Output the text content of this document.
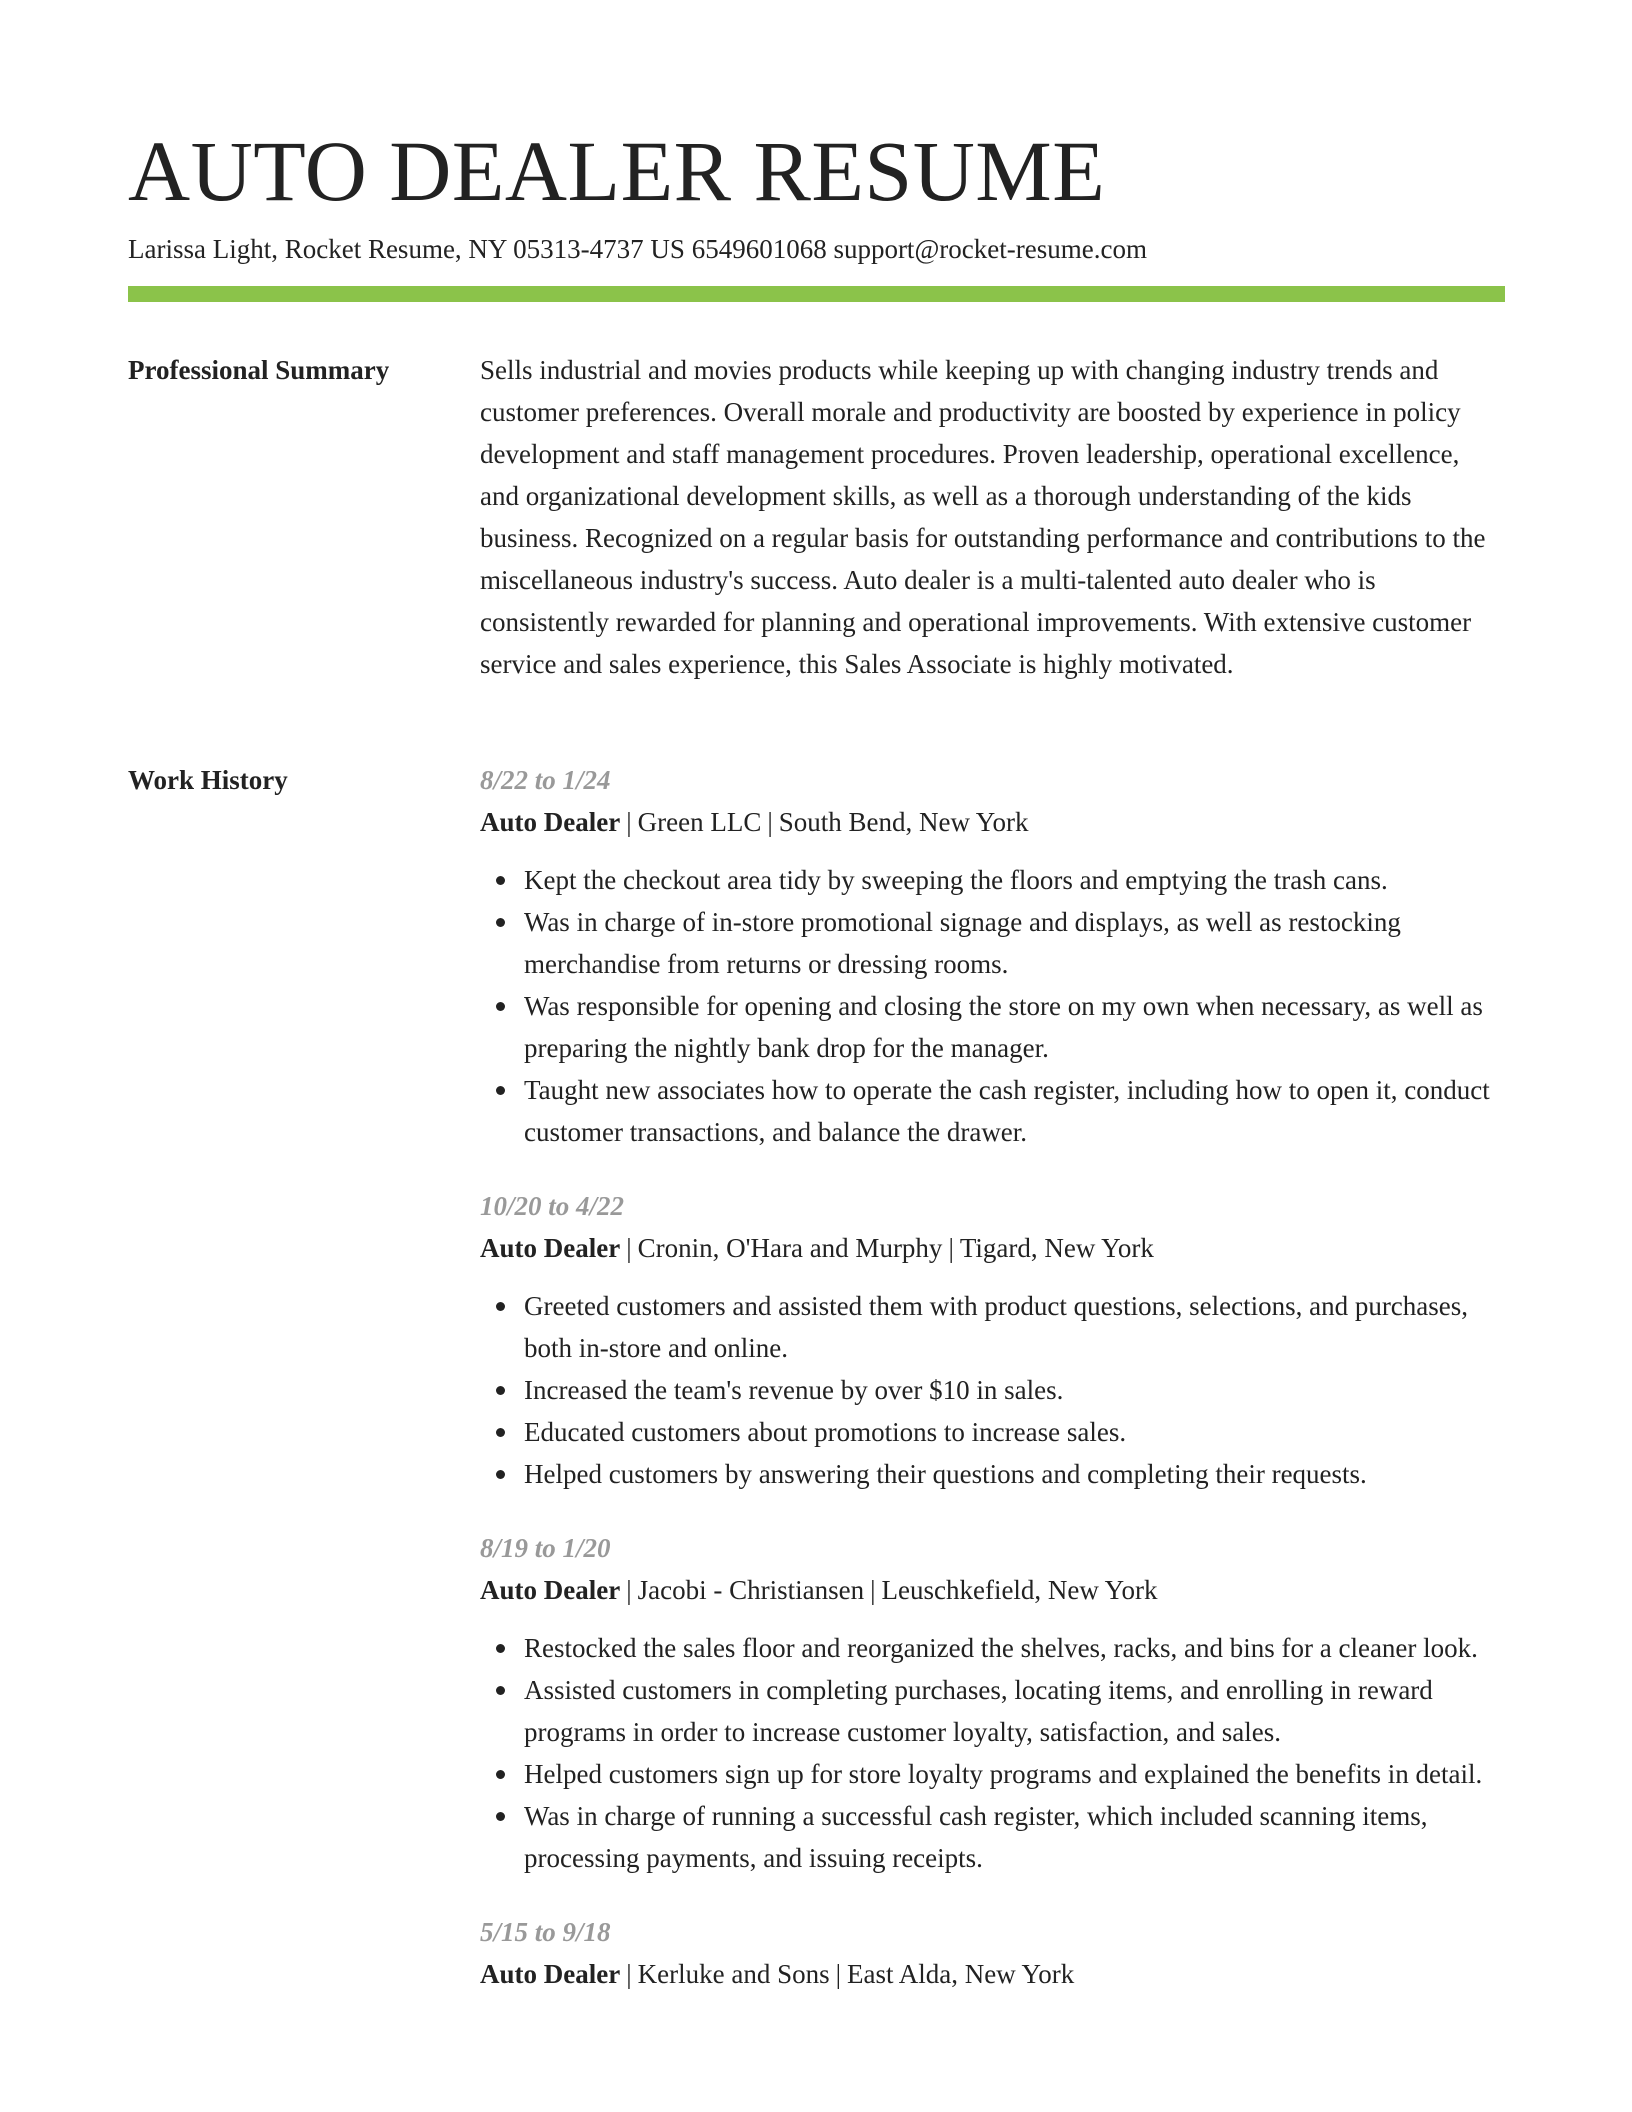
AUTO DEALER RESUME
Larissa Light, Rocket Resume, NY 05313-4737 US 6549601068 support@rocket-resume.com
Professional Summary	Sells industrial and movies products while keeping up with changing industry trends and customer preferences. Overall morale and productivity are boosted by experience in policy development and staff management procedures. Proven leadership, operational excellence, and organizational development skills, as well as a thorough understanding of the kids business. Recognized on a regular basis for outstanding performance and contributions to the miscellaneous industry's success. Auto dealer is a multi-talented auto dealer who is consistently rewarded for planning and operational improvements. With extensive customer service and sales experience, this Sales Associate is highly motivated.

Work History	8/22 to 1/24
Auto Dealer | Green LLC | South Bend, New York
Kept the checkout area tidy by sweeping the floors and emptying the trash cans.
Was in charge of in-store promotional signage and displays, as well as restocking merchandise from returns or dressing rooms.
Was responsible for opening and closing the store on my own when necessary, as well as preparing the nightly bank drop for the manager.
Taught new associates how to operate the cash register, including how to open it, conduct customer transactions, and balance the drawer.
10/20 to 4/22
Auto Dealer | Cronin, O'Hara and Murphy | Tigard, New York
Greeted customers and assisted them with product questions, selections, and purchases, both in-store and online.
Increased the team's revenue by over $10 in sales.
Educated customers about promotions to increase sales.
Helped customers by answering their questions and completing their requests.
8/19 to 1/20
Auto Dealer | Jacobi - Christiansen | Leuschkefield, New York
Restocked the sales floor and reorganized the shelves, racks, and bins for a cleaner look.
Assisted customers in completing purchases, locating items, and enrolling in reward programs in order to increase customer loyalty, satisfaction, and sales.
Helped customers sign up for store loyalty programs and explained the benefits in detail.
Was in charge of running a successful cash register, which included scanning items, processing payments, and issuing receipts.
5/15 to 9/18
Auto Dealer | Kerluke and Sons | East Alda, New York
